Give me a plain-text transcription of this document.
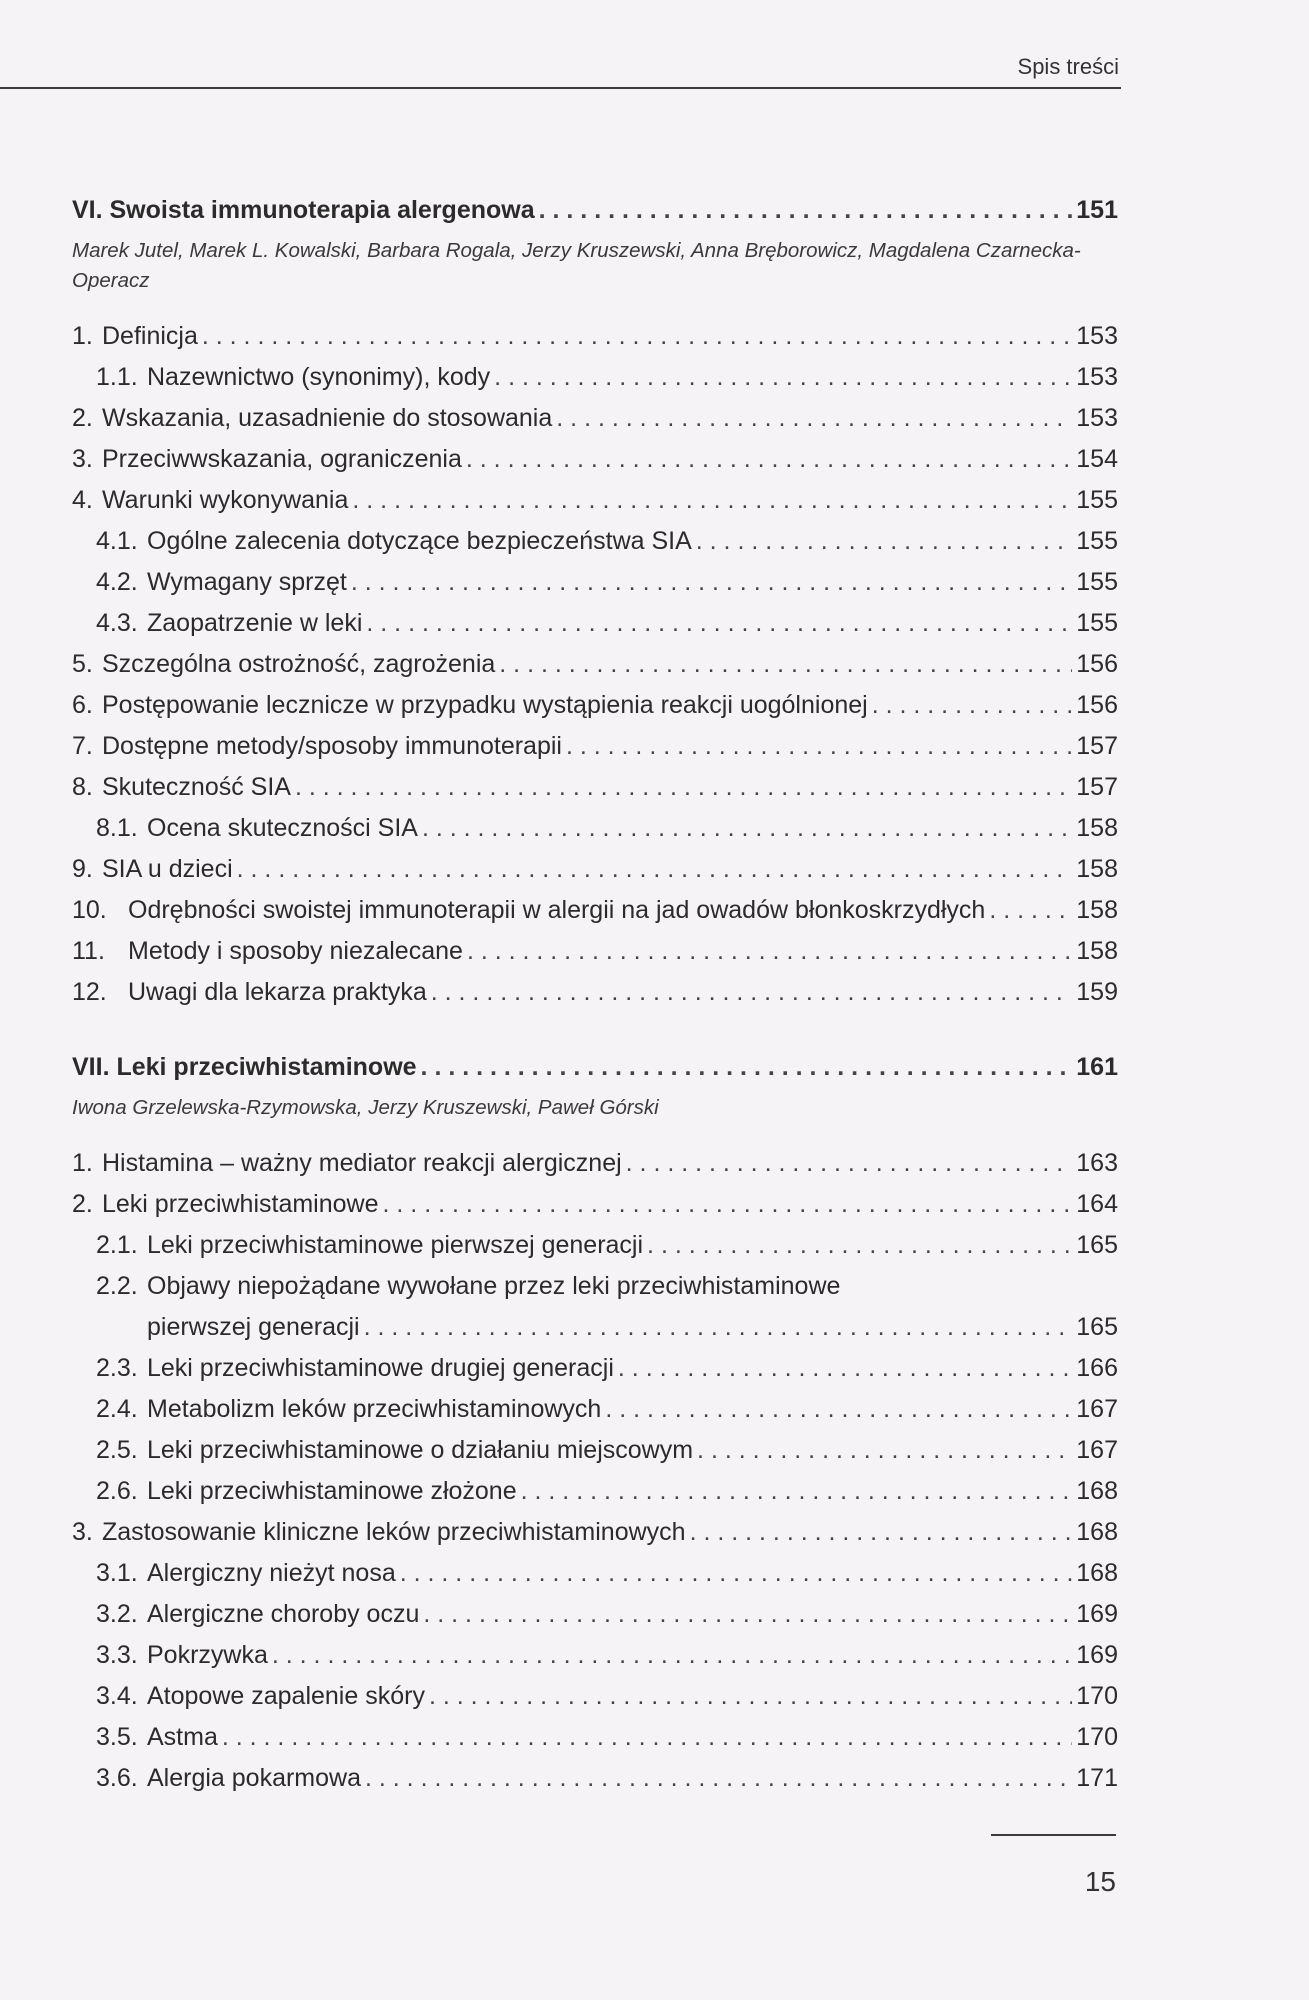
Spis treści
VI. Swoista immunoterapia alergenowa . . .	151
Marek Jutel, Marek L. Kowalski, Barbara Rogala, Jerzy Kruszewski, Anna Bręborowicz, Magdalena Czarnecka-Operacz
1. Definicja . . .	153
1.1. Nazewnictwo (synonimy), kody . . .	153
2. Wskazania, uzasadnienie do stosowania . . .	153
3. Przeciwwskazania, ograniczenia . . .	154
4. Warunki wykonywania . . .	155
4.1. Ogólne zalecenia dotyczące bezpieczeństwa SIA . . .	155
4.2. Wymagany sprzęt . . .	155
4.3. Zaopatrzenie w leki . . .	155
5. Szczególna ostrożność, zagrożenia . . .	156
6. Postępowanie lecznicze w przypadku wystąpienia reakcji uogólnionej . . .	156
7. Dostępne metody/sposoby immunoterapii . . .	157
8. Skuteczność SIA . . .	157
8.1. Ocena skuteczności SIA . . .	158
9. SIA u dzieci . . .	158
10. Odrębności swoistej immunoterapii w alergii na jad owadów błonkoskrzydłych . . .	158
11. Metody i sposoby niezalecane . . .	158
12. Uwagi dla lekarza praktyka . . .	159
VII. Leki przeciwhistaminowe . . .	161
Iwona Grzelewska-Rzymowska, Jerzy Kruszewski, Paweł Górski
1. Histamina – ważny mediator reakcji alergicznej . . .	163
2. Leki przeciwhistaminowe . . .	164
2.1. Leki przeciwhistaminowe pierwszej generacji . . .	165
2.2. Objawy niepożądane wywołane przez leki przeciwhistaminowe
pierwszej generacji . . .	165
2.3. Leki przeciwhistaminowe drugiej generacji . . .	166
2.4. Metabolizm leków przeciwhistaminowych . . .	167
2.5. Leki przeciwhistaminowe o działaniu miejscowym . . .	167
2.6. Leki przeciwhistaminowe złożone . . .	168
3. Zastosowanie kliniczne leków przeciwhistaminowych . . .	168
3.1. Alergiczny nieżyt nosa . . .	168
3.2. Alergiczne choroby oczu . . .	169
3.3. Pokrzywka . . .	169
3.4. Atopowe zapalenie skóry . . .	170
3.5. Astma . . .	170
3.6. Alergia pokarmowa . . .	171
15
